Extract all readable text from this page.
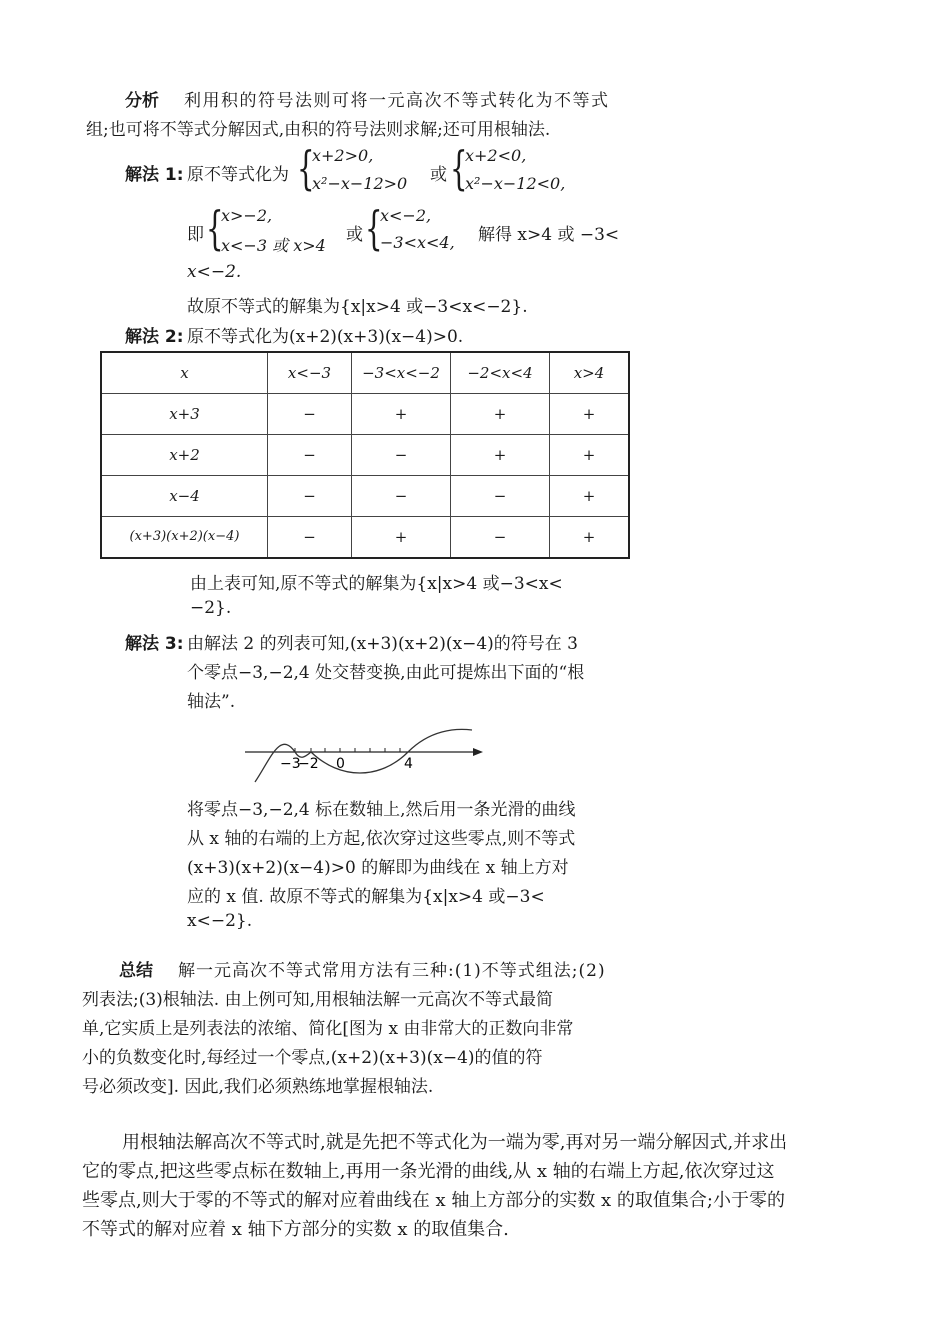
分析 利用积的符号法则可将一元高次不等式转化为不等式
组;也可将不等式分解因式,由积的符号法则求解;还可用根轴法.
解法 1: 原不等式化为 {
x+2>0,
x²−x−12>0 或 {
x+2<0,
x²−x−12<0,
即 {
x>−2,
x<−3 或 x>4
或 {
x<−2,
−3<x<4, 解得 x>4 或 −3<
x<−2.
故原不等式的解集为{x|x>4 或−3<x<−2}.
解法 2: 原不等式化为(x+2)(x+3)(x−4)>0.
x	x<−3	−3<x<−2	−2<x<4	x>4
x+3	−	+	+	+
x+2	−	−	+	+
x−4	−	−	−	+
(x+3)(x+2)(x−4)	−	+	−	+
由上表可知,原不等式的解集为{x|x>4 或−3<x<
−2}.
解法 3: 由解法 2 的列表可知,(x+3)(x+2)(x−4)的符号在 3
个零点−3,−2,4 处交替变换,由此可提炼出下面的“根
轴法”.
−3
−2 0	4
将零点−3,−2,4 标在数轴上,然后用一条光滑的曲线
从 x 轴的右端的上方起,依次穿过这些零点,则不等式
(x+3)(x+2)(x−4)>0 的解即为曲线在 x 轴上方对
应的 x 值. 故原不等式的解集为{x|x>4 或−3<
x<−2}.
总结 解一元高次不等式常用方法有三种:(1)不等式组法;(2)
列表法;(3)根轴法. 由上例可知,用根轴法解一元高次不等式最简
单,它实质上是列表法的浓缩、简化[图为 x 由非常大的正数向非常
小的负数变化时,每经过一个零点,(x+2)(x+3)(x−4)的值的符
号必须改变]. 因此,我们必须熟练地掌握根轴法.
用根轴法解高次不等式时,就是先把不等式化为一端为零,再对另一端分解因式,并求出
它的零点,把这些零点标在数轴上,再用一条光滑的曲线,从 x 轴的右端上方起,依次穿过这
些零点,则大于零的不等式的解对应着曲线在 x 轴上方部分的实数 x 的取值集合;小于零的
不等式的解对应着 x 轴下方部分的实数 x 的取值集合.
